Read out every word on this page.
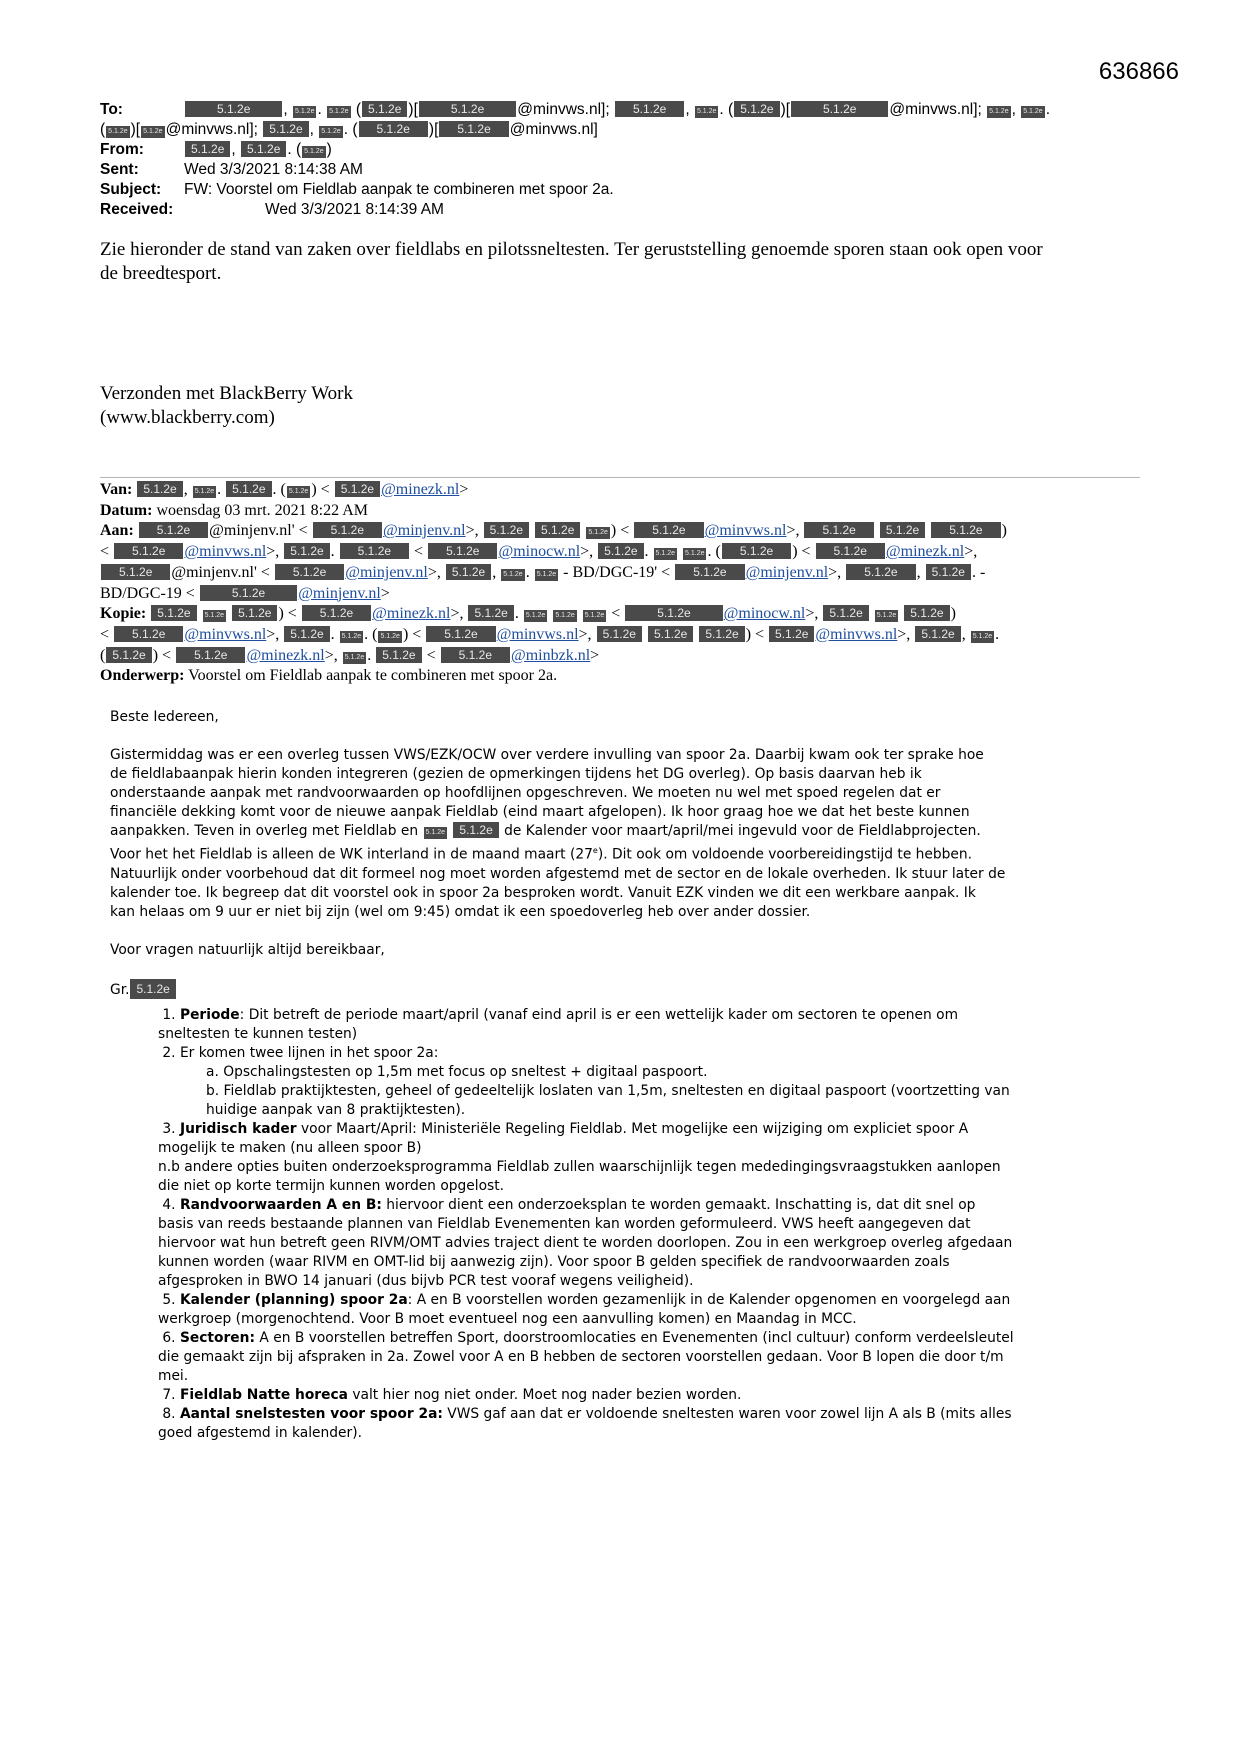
636866
To:	5.1.2e , 5.1.2e . 5.1.2e ( 5.1.2e )[	5.1.2e @minvws.nl]; 5.1.2e , 5.1.2e . ( 5.1.2e )[	5.1.2e @minvws.nl]; 5.1.2e , 5.1.2e .
( 5.1.2e )[ 5.1.2e @minvws.nl]; 5.1.2e , 5.1.2e . ( 5.1.2e )[ 5.1.2e @minvws.nl]
From:	5.1.2e , 5.1.2e . ( 5.1.2e )
Sent:	Wed 3/3/2021 8:14:38 AM
Subject: FW: Voorstel om Fieldlab aanpak te combineren met spoor 2a.
Received:	Wed 3/3/2021 8:14:39 AM
Zie hieronder de stand van zaken over fieldlabs en pilotssneltesten. Ter geruststelling genoemde sporen staan ook open voor
de breedtesport.
Verzonden met BlackBerry Work
(www.blackberry.com)
Van: 5.1.2e , 5.1.2e . 5.1.2e . ( 5.1.2e ) < 5.1.2e @minezk.nl>
Datum: woensdag 03 mrt. 2021 8:22 AM
Aan: 5.1.2e @minjenv.nl' < 5.1.2e @minjenv.nl>, 5.1.2e 5.1.2e 5.1.2e ) < 5.1.2e @minvws.nl>, 5.1.2e	5.1.2e	5.1.2e )
< 5.1.2e @minvws.nl>, 5.1.2e . 5.1.2e < 5.1.2e @minocw.nl>, 5.1.2e . 5.1.2e 5.1.2e . ( 5.1.2e ) < 5.1.2e @minezk.nl>,
5.1.2e @minjenv.nl' < 5.1.2e @minjenv.nl>, 5.1.2e , 5.1.2e . 5.1.2e - BD/DGC-19' < 5.1.2e @minjenv.nl>, 5.1.2e , 5.1.2e . -
BD/DGC-19 <	5.1.2e @minjenv.nl>
Kopie: 5.1.2e 5.1.2e 5.1.2e ) < 5.1.2e @minezk.nl>, 5.1.2e . 5.1.2e 5.1.2e 5.1.2e <	5.1.2e @minocw.nl>, 5.1.2e 5.1.2e 5.1.2e )
< 5.1.2e @minvws.nl>, 5.1.2e . 5.1.2e . ( 5.1.2e ) < 5.1.2e @minvws.nl>, 5.1.2e 5.1.2e 5.1.2e ) < 5.1.2e @minvws.nl>, 5.1.2e , 5.1.2e .
( 5.1.2e ) < 5.1.2e @minezk.nl>, 5.1.2e . 5.1.2e < 5.1.2e @minbzk.nl>
Onderwerp: Voorstel om Fieldlab aanpak te combineren met spoor 2a.

Beste Iedereen,

Gistermiddag was er een overleg tussen VWS/EZK/OCW over verdere invulling van spoor 2a. Daarbij kwam ook ter sprake hoe

de fieldlabaanpak hierin konden integreren (gezien de opmerkingen tijdens het DG overleg). Op basis daarvan heb ik

onderstaande aanpak met randvoorwaarden op hoofdlijnen opgeschreven. We moeten nu wel met spoed regelen dat er

financiële dekking komt voor de nieuwe aanpak Fieldlab (eind maart afgelopen). Ik hoor graag hoe we dat het beste kunnen

aanpakken. Teven in overleg met Fieldlab en 5.1.2e 5.1.2e de Kalender voor maart/april/mei ingevuld voor de Fieldlabprojecten.

Voor het het Fieldlab is alleen de WK interland in de maand maart (27e). Dit ook om voldoende voorbereidingstijd te hebben.

Natuurlijk onder voorbehoud dat dit formeel nog moet worden afgestemd met de sector en de lokale overheden. Ik stuur later de

kalender toe. Ik begreep dat dit voorstel ook in spoor 2a besproken wordt. Vanuit EZK vinden we dit een werkbare aanpak. Ik

kan helaas om 9 uur er niet bij zijn (wel om 9:45) omdat ik een spoedoverleg heb over ander dossier.

Voor vragen natuurlijk altijd bereikbaar,

Gr. 5.1.2e

1. Periode: Dit betreft de periode maart/april (vanaf eind april is er een wettelijk kader om sectoren te openen om

sneltesten te kunnen testen)

2. Er komen twee lijnen in het spoor 2a:

a. Opschalingstesten op 1,5m met focus op sneltest + digitaal paspoort.

b. Fieldlab praktijktesten, geheel of gedeeltelijk loslaten van 1,5m, sneltesten en digitaal paspoort (voortzetting van

huidige aanpak van 8 praktijktesten).

3. Juridisch kader voor Maart/April: Ministeriële Regeling Fieldlab. Met mogelijke een wijziging om expliciet spoor A

mogelijk te maken (nu alleen spoor B)

n.b andere opties buiten onderzoeksprogramma Fieldlab zullen waarschijnlijk tegen mededingingsvraagstukken aanlopen

die niet op korte termijn kunnen worden opgelost.

4. Randvoorwaarden A en B: hiervoor dient een onderzoeksplan te worden gemaakt. Inschatting is, dat dit snel op

basis van reeds bestaande plannen van Fieldlab Evenementen kan worden geformuleerd. VWS heeft aangegeven dat

hiervoor wat hun betreft geen RIVM/OMT advies traject dient te worden doorlopen. Zou in een werkgroep overleg afgedaan

kunnen worden (waar RIVM en OMT-lid bij aanwezig zijn). Voor spoor B gelden specifiek de randvoorwaarden zoals

afgesproken in BWO 14 januari (dus bijvb PCR test vooraf wegens veiligheid).

5. Kalender (planning) spoor 2a: A en B voorstellen worden gezamenlijk in de Kalender opgenomen en voorgelegd aan

werkgroep (morgenochtend. Voor B moet eventueel nog een aanvulling komen) en Maandag in MCC.

6. Sectoren: A en B voorstellen betreffen Sport, doorstroomlocaties en Evenementen (incl cultuur) conform verdeelsleutel

die gemaakt zijn bij afspraken in 2a. Zowel voor A en B hebben de sectoren voorstellen gedaan. Voor B lopen die door t/m

mei.

7. Fieldlab Natte horeca valt hier nog niet onder. Moet nog nader bezien worden.

8. Aantal snelstesten voor spoor 2a: VWS gaf aan dat er voldoende sneltesten waren voor zowel lijn A als B (mits alles

goed afgestemd in kalender).
